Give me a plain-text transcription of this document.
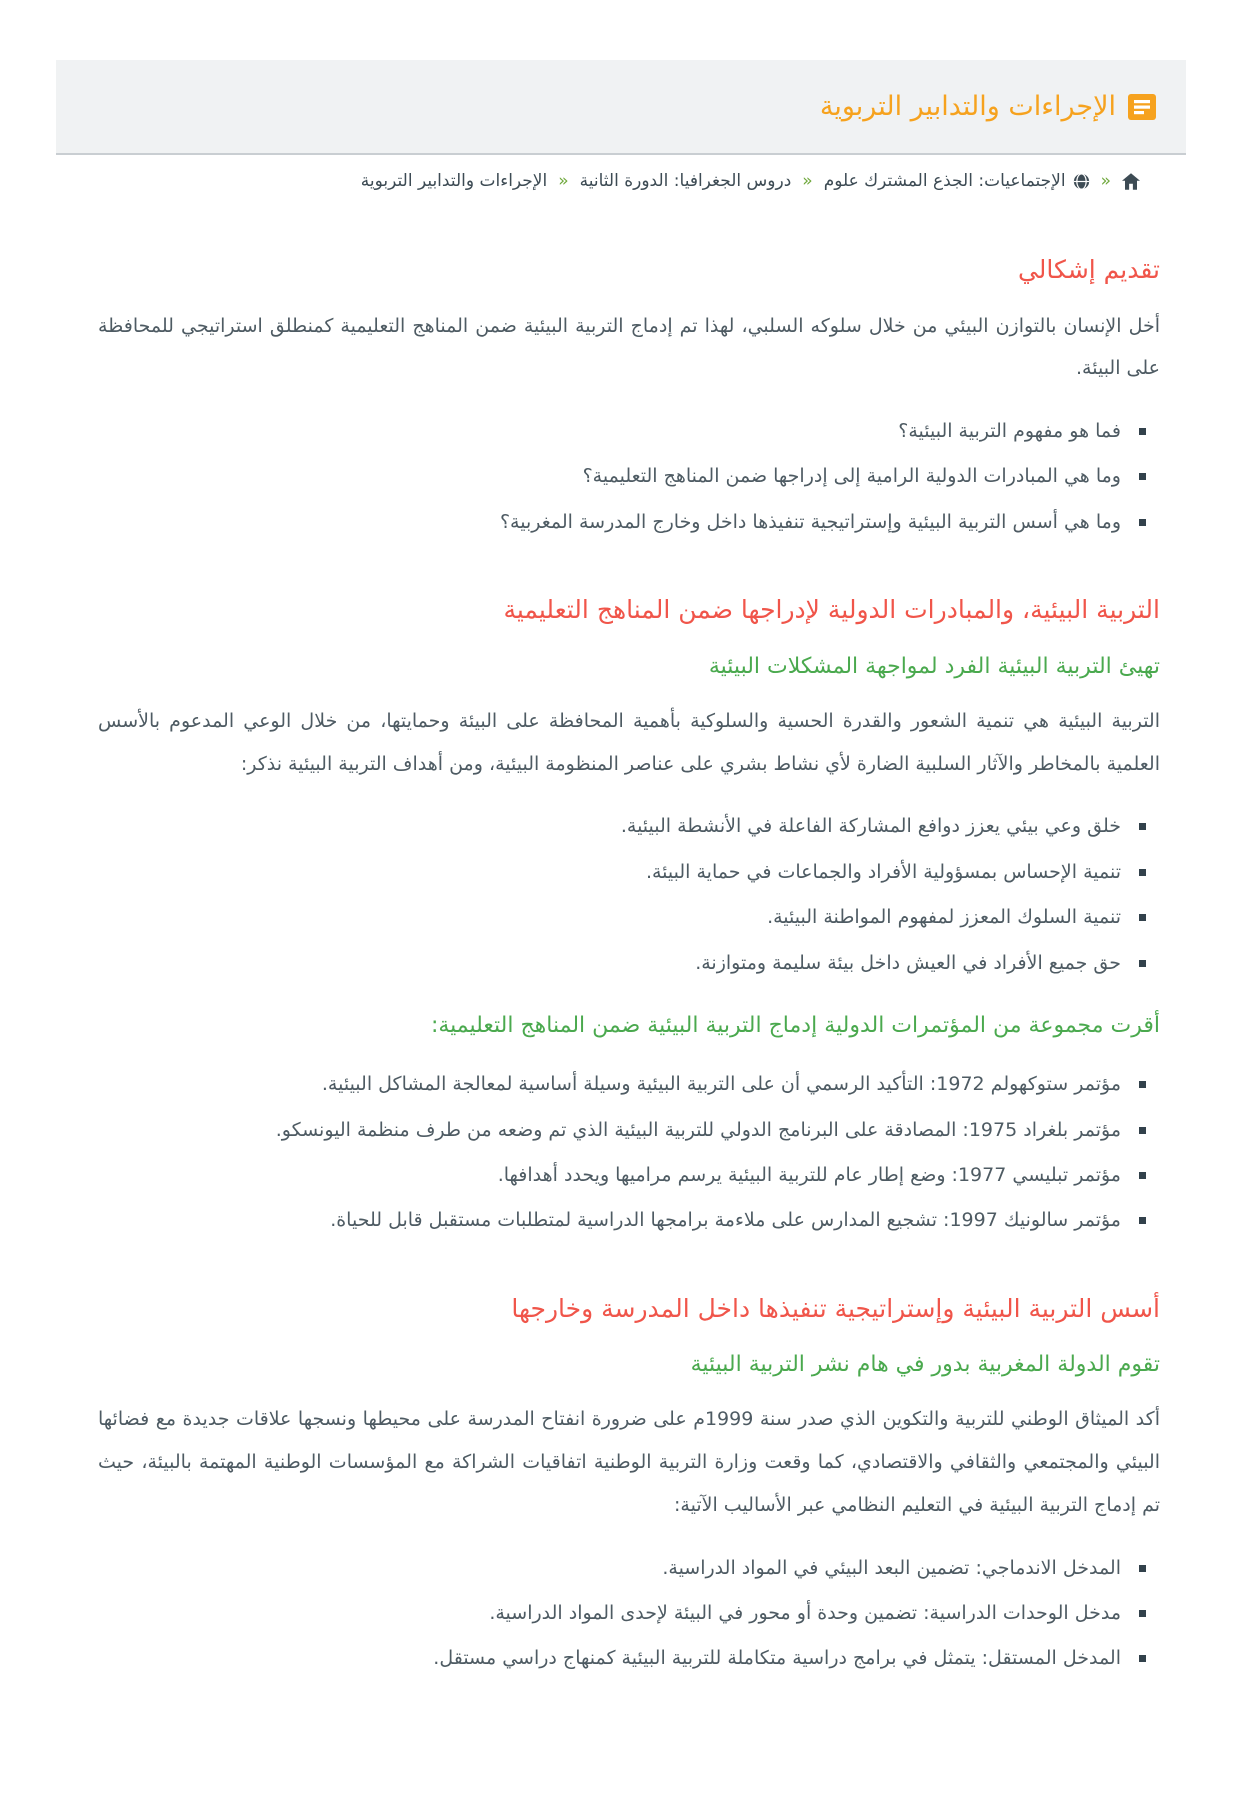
الإجراءات والتدابير التربوية
«
الإجتماعيات: الجذع المشترك علوم
«
دروس الجغرافيا: الدورة الثانية
«
الإجراءات والتدابير التربوية
تقديم إشكالي

أخل الإنسان بالتوازن البيئي من خلال سلوكه السلبي، لهذا تم إدماج التربية البيئية ضمن المناهج التعليمية كمنطلق استراتيجي للمحافظة على البيئة.

فما هو مفهوم التربية البيئية؟
وما هي المبادرات الدولية الرامية إلى إدراجها ضمن المناهج التعليمية؟
وما هي أسس التربية البيئية وإستراتيجية تنفيذها داخل وخارج المدرسة المغربية؟
التربية البيئية، والمبادرات الدولية لإدراجها ضمن المناهج التعليمية
تهيئ التربية البيئية الفرد لمواجهة المشكلات البيئية

التربية البيئية هي تنمية الشعور والقدرة الحسية والسلوكية بأهمية المحافظة على البيئة وحمايتها، من خلال الوعي المدعوم بالأسس العلمية بالمخاطر والآثار السلبية الضارة لأي نشاط بشري على عناصر المنظومة البيئية، ومن أهداف التربية البيئية نذكر:

خلق وعي بيئي يعزز دوافع المشاركة الفاعلة في الأنشطة البيئية.
تنمية الإحساس بمسؤولية الأفراد والجماعات في حماية البيئة.
تنمية السلوك المعزز لمفهوم المواطنة البيئية.
حق جميع الأفراد في العيش داخل بيئة سليمة ومتوازنة.
أقرت مجموعة من المؤتمرات الدولية إدماج التربية البيئية ضمن المناهج التعليمية:
مؤتمر ستوكهولم 1972: التأكيد الرسمي أن على التربية البيئية وسيلة أساسية لمعالجة المشاكل البيئية.
مؤتمر بلغراد 1975: المصادقة على البرنامج الدولي للتربية البيئية الذي تم وضعه من طرف منظمة اليونسكو.
مؤتمر تبليسي 1977: وضع إطار عام للتربية البيئية يرسم مراميها ويحدد أهدافها.
مؤتمر سالونيك 1997: تشجيع المدارس على ملاءمة برامجها الدراسية لمتطلبات مستقبل قابل للحياة.
أسس التربية البيئية وإستراتيجية تنفيذها داخل المدرسة وخارجها
تقوم الدولة المغربية بدور في هام نشر التربية البيئية

أكد الميثاق الوطني للتربية والتكوين الذي صدر سنة 1999م على ضرورة انفتاح المدرسة على محيطها ونسجها علاقات جديدة مع فضائها البيئي والمجتمعي والثقافي والاقتصادي، كما وقعت وزارة التربية الوطنية اتفاقيات الشراكة مع المؤسسات الوطنية المهتمة بالبيئة، حيث تم إدماج التربية البيئية في التعليم النظامي عبر الأساليب الآتية:

المدخل الاندماجي: تضمين البعد البيئي في المواد الدراسية.
مدخل الوحدات الدراسية: تضمين وحدة أو محور في البيئة لإحدى المواد الدراسية.
المدخل المستقل: يتمثل في برامج دراسية متكاملة للتربية البيئية كمنهاج دراسي مستقل.
